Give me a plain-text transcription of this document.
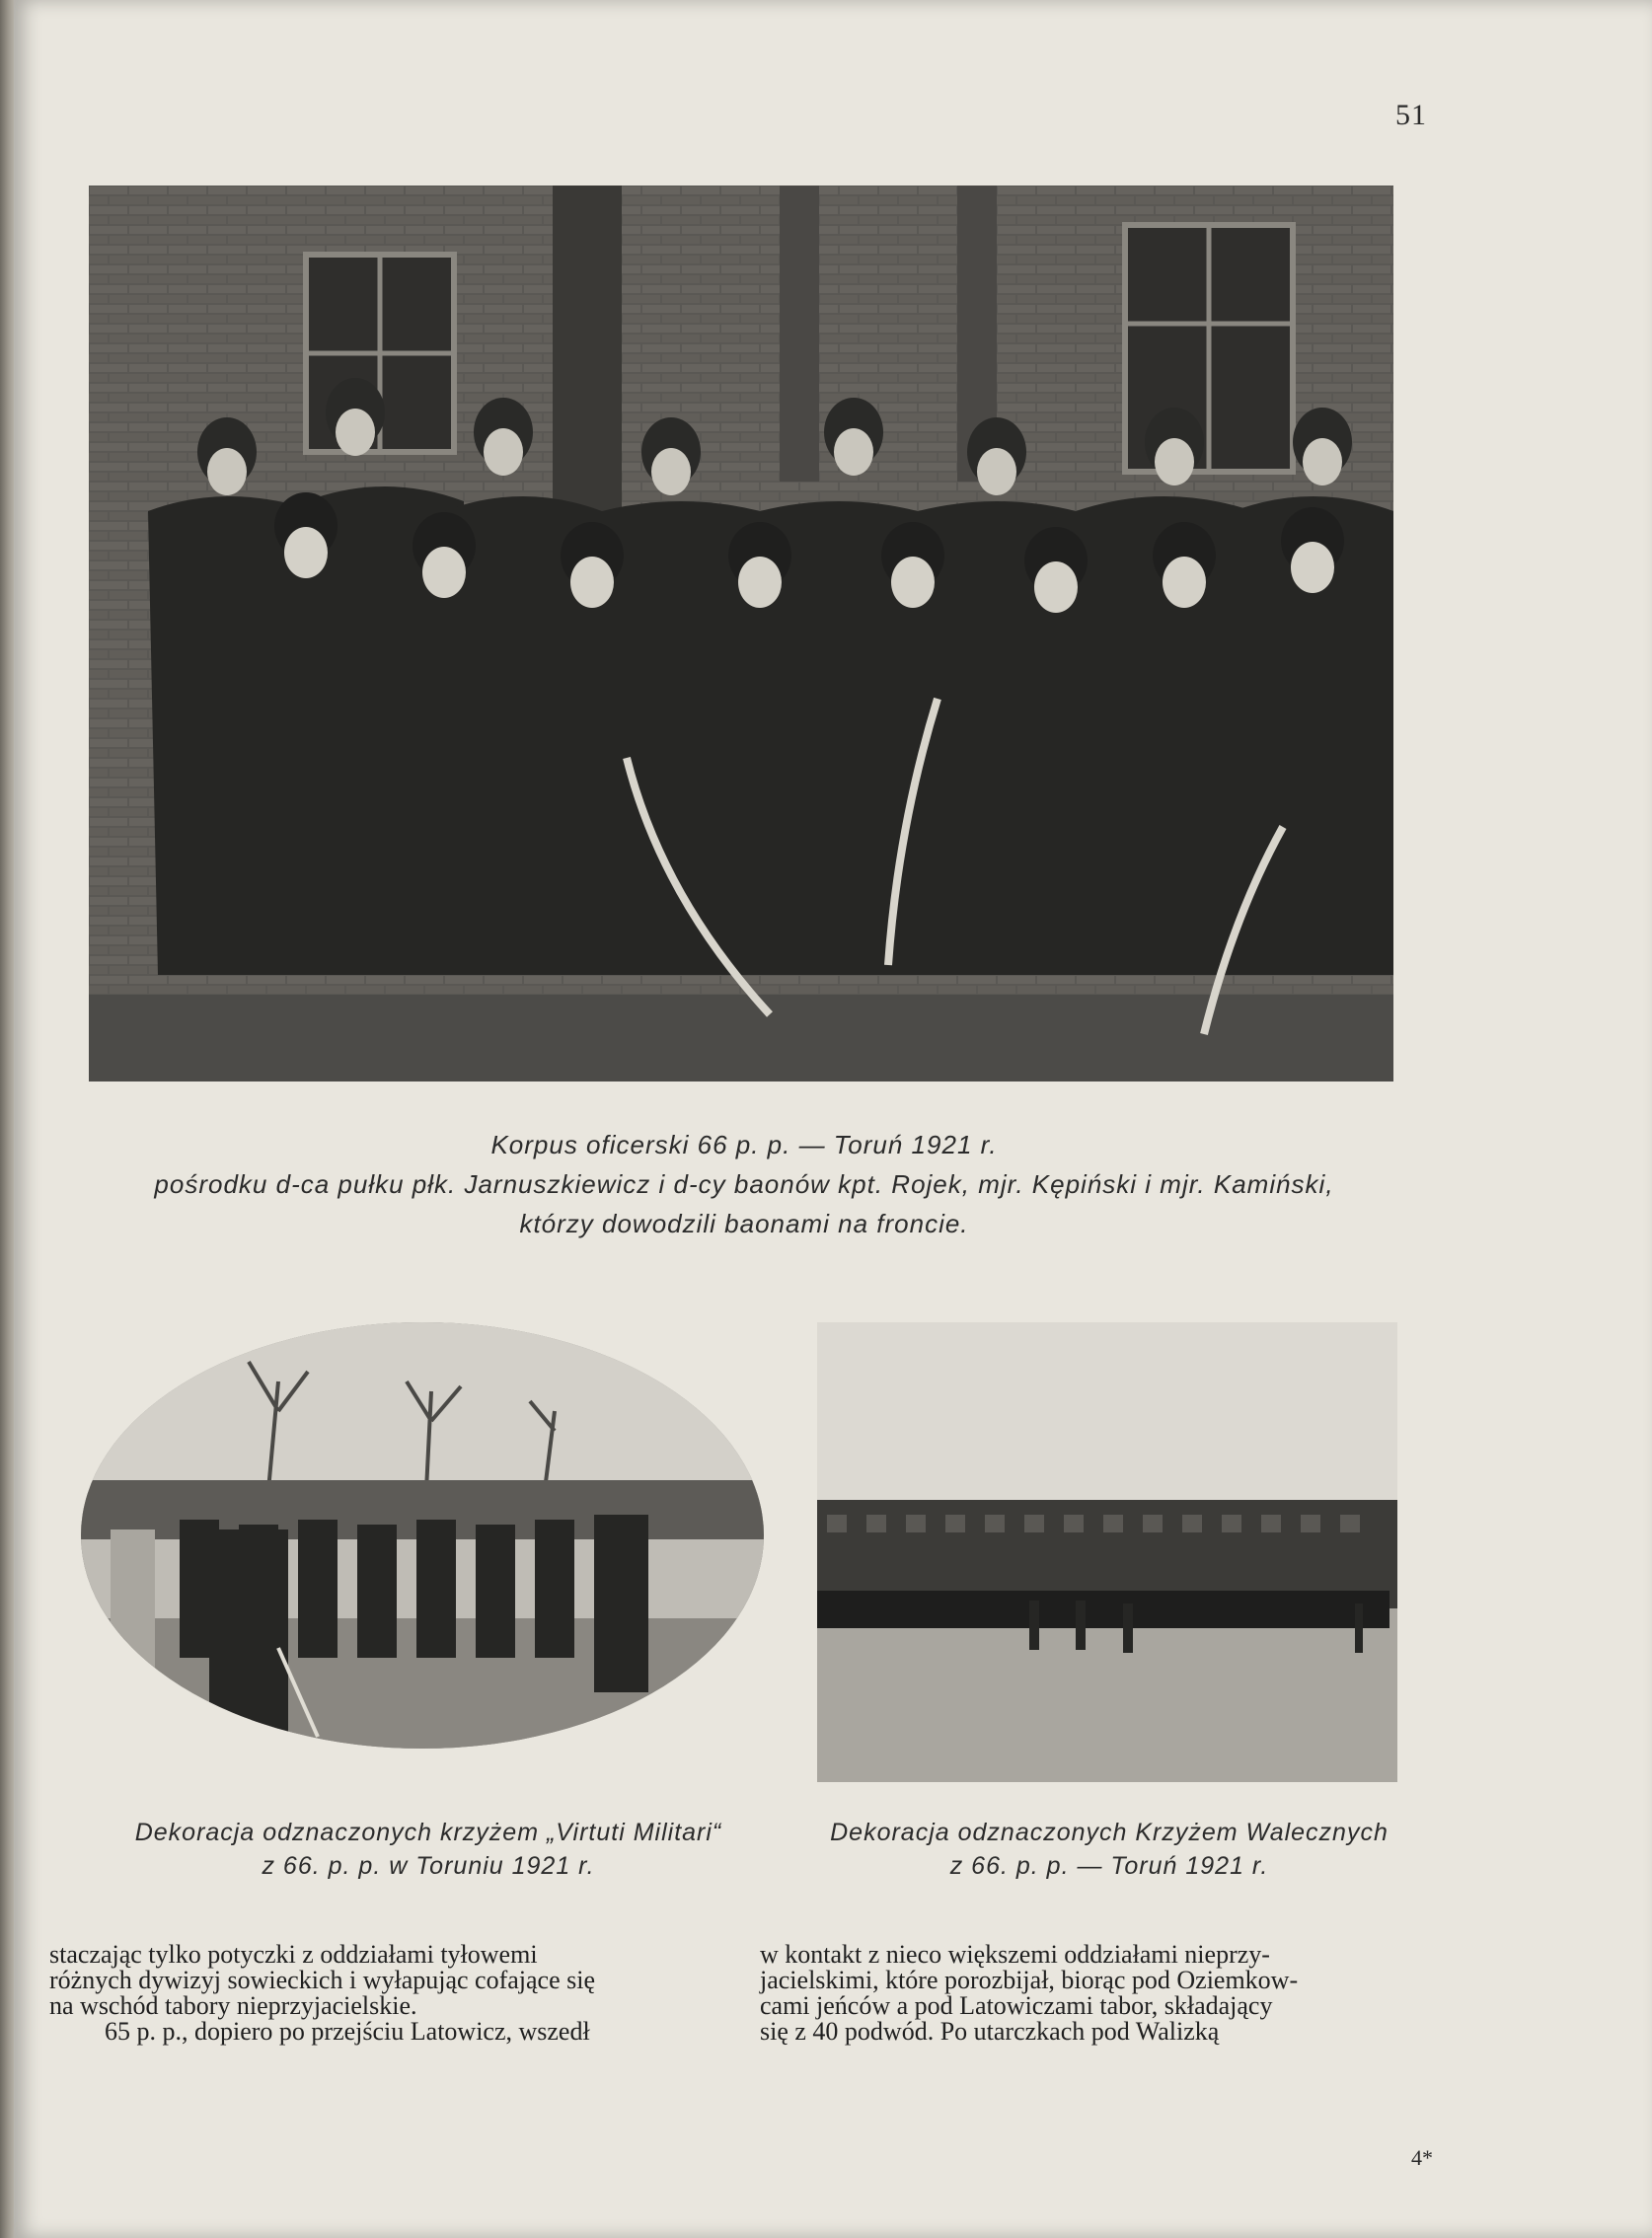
51
Korpus oficerski 66 p. p. — Toruń 1921 r.
pośrodku d-ca pułku płk. Jarnuszkiewicz i d-cy baonów kpt. Rojek, mjr. Kępiński i mjr. Kamiński,
którzy dowodzili baonami na froncie.
Dekoracja odznaczonych krzyżem „Virtuti Militari“
z 66. p. p. w Toruniu 1921 r.
Dekoracja odznaczonych Krzyżem Walecznych
z 66. p. p. — Toruń 1921 r.
staczając tylko potyczki z oddziałami tyłowemi
różnych dywizyj sowieckich i wyłapując cofające się
na wschód tabory nieprzyjacielskie.
65 p. p., dopiero po przejściu Latowicz, wszedł
w kontakt z nieco większemi oddziałami nieprzy-
jacielskimi, które porozbijał, biorąc pod Oziemkow-
cami jeńców a pod Latowiczami tabor, składający
się z 40 podwód. Po utarczkach pod Walizką
4*
